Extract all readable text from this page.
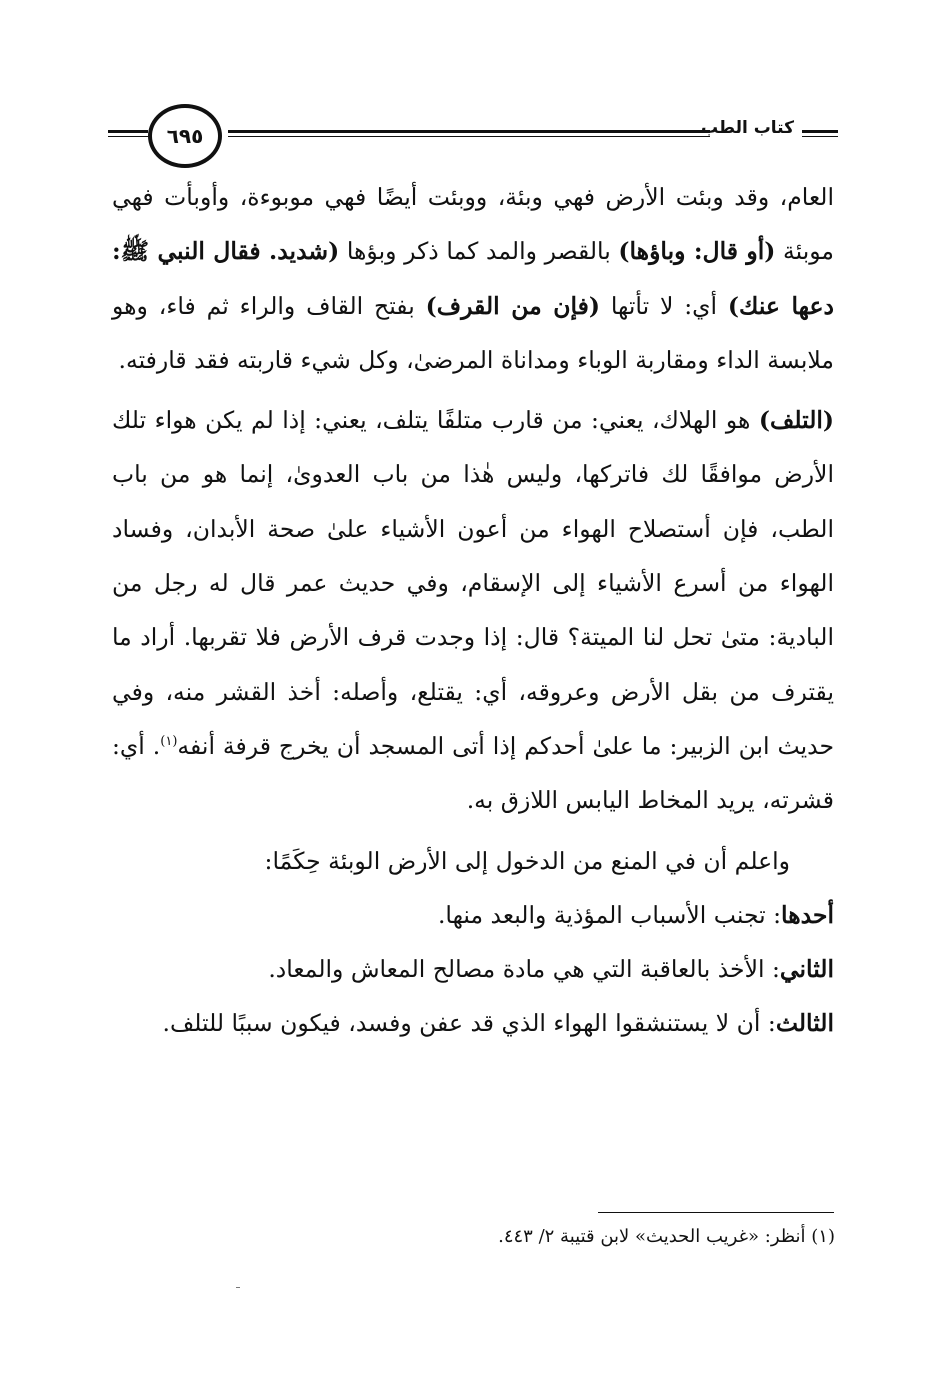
كتاب الطب
٦٩٥

العام، وقد وبئت الأرض فهي وبئة، ووبئت أيضًا فهي موبوءة، وأوبأت فهي موبئة (أو قال: وباؤها) بالقصر والمد كما ذكر وبؤها (شديد. فقال النبي ﷺ: دعها عنك) أي: لا تأتها (فإن من القرف) بفتح القاف والراء ثم فاء، وهو ملابسة الداء ومقاربة الوباء ومداناة المرضىٰ، وكل شيء قاربته فقد قارفته.

(التلف) هو الهلاك، يعني: من قارب متلفًا يتلف، يعني: إذا لم يكن هواء تلك الأرض موافقًا لك فاتركها، وليس هٰذا من باب العدوىٰ، إنما هو من باب الطب، فإن أستصلاح الهواء من أعون الأشياء علىٰ صحة الأبدان، وفساد الهواء من أسرع الأشياء إلى الإسقام، وفي حديث عمر قال له رجل من البادية: متىٰ تحل لنا الميتة؟ قال: إذا وجدت قرف الأرض فلا تقربها. أراد ما يقترف من بقل الأرض وعروقه، أي: يقتلع، وأصله: أخذ القشر منه، وفي حديث ابن الزبير: ما علىٰ أحدكم إذا أتى المسجد أن يخرج قرفة أنفه$^{(١)}$. أي: قشرته، يريد المخاط اليابس اللازق به.

واعلم أن في المنع من الدخول إلى الأرض الوبئة حِكَمًا:

أحدها: تجنب الأسباب المؤذية والبعد منها.

الثاني: الأخذ بالعاقبة التي هي مادة مصالح المعاش والمعاد.

الثالث: أن لا يستنشقوا الهواء الذي قد عفن وفسد، فيكون سببًا للتلف.

(١) أنظر: «غريب الحديث» لابن قتيبة ٢/ ٤٤٣.
